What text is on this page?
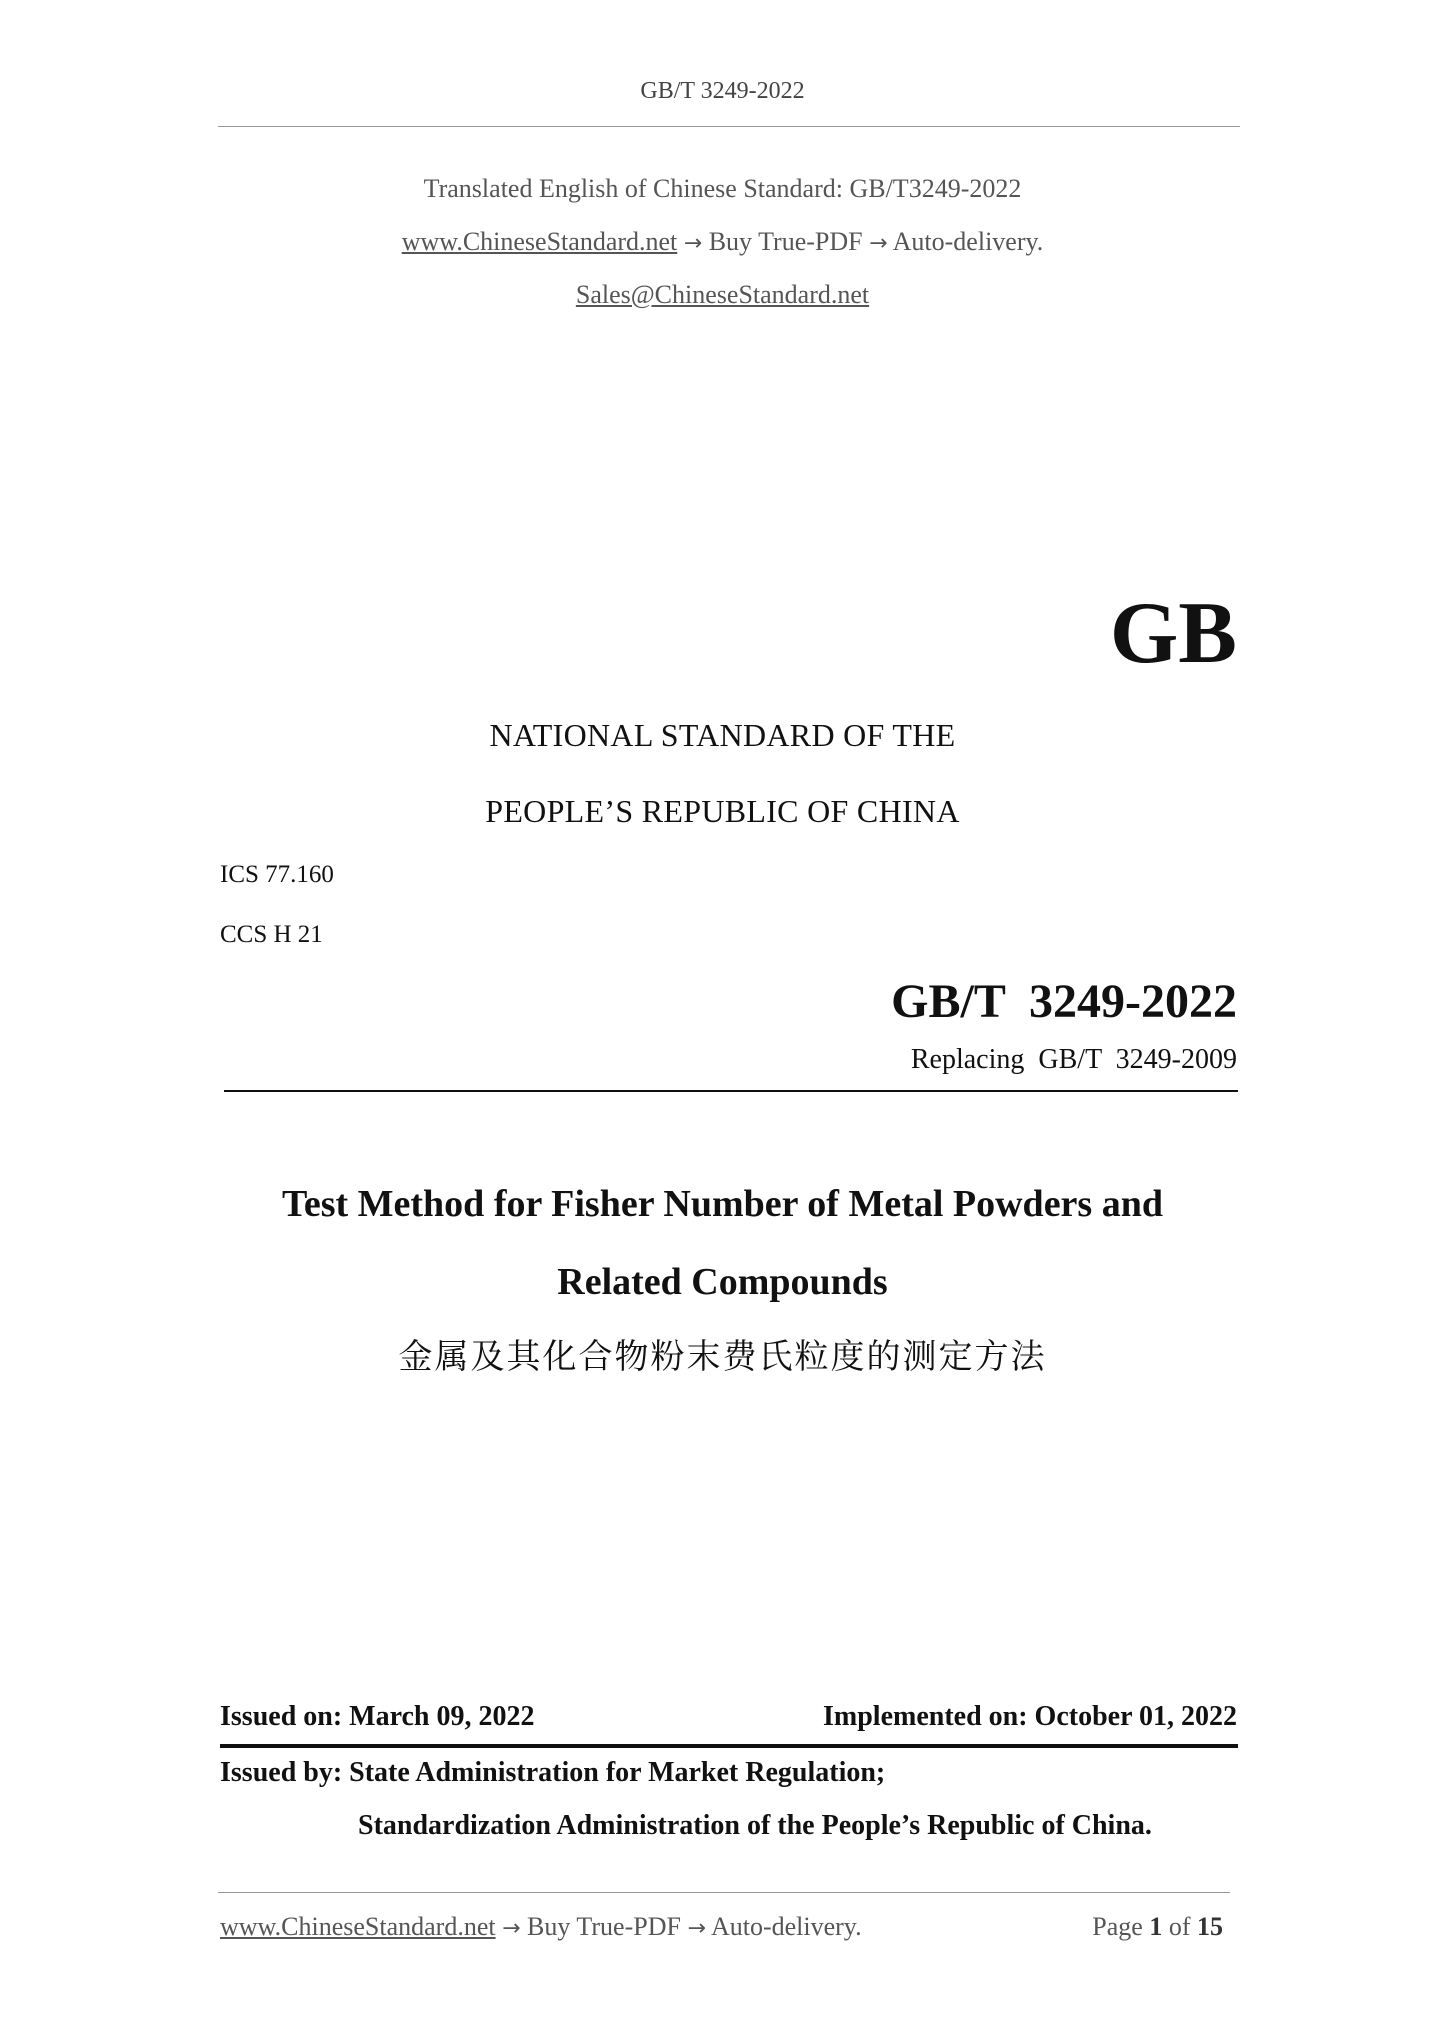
GB/T 3249-2022
Translated English of Chinese Standard: GB/T3249-2022
www.ChineseStandard.net → Buy True-PDF → Auto-delivery.
Sales@ChineseStandard.net
GB
NATIONAL STANDARD OF THE
PEOPLE’S REPUBLIC OF CHINA
ICS 77.160
CCS H 21
GB/T  3249-2022
Replacing  GB/T  3249-2009
Test Method for Fisher Number of Metal Powders and
Related Compounds
金属及其化合物粉末费氏粒度的测定方法
Issued on: March 09, 2022	Implemented on: October 01, 2022
Issued by: State Administration for Market Regulation;
Standardization Administration of the People’s Republic of China.
www.ChineseStandard.net → Buy True-PDF → Auto-delivery.	Page 1 of 15
